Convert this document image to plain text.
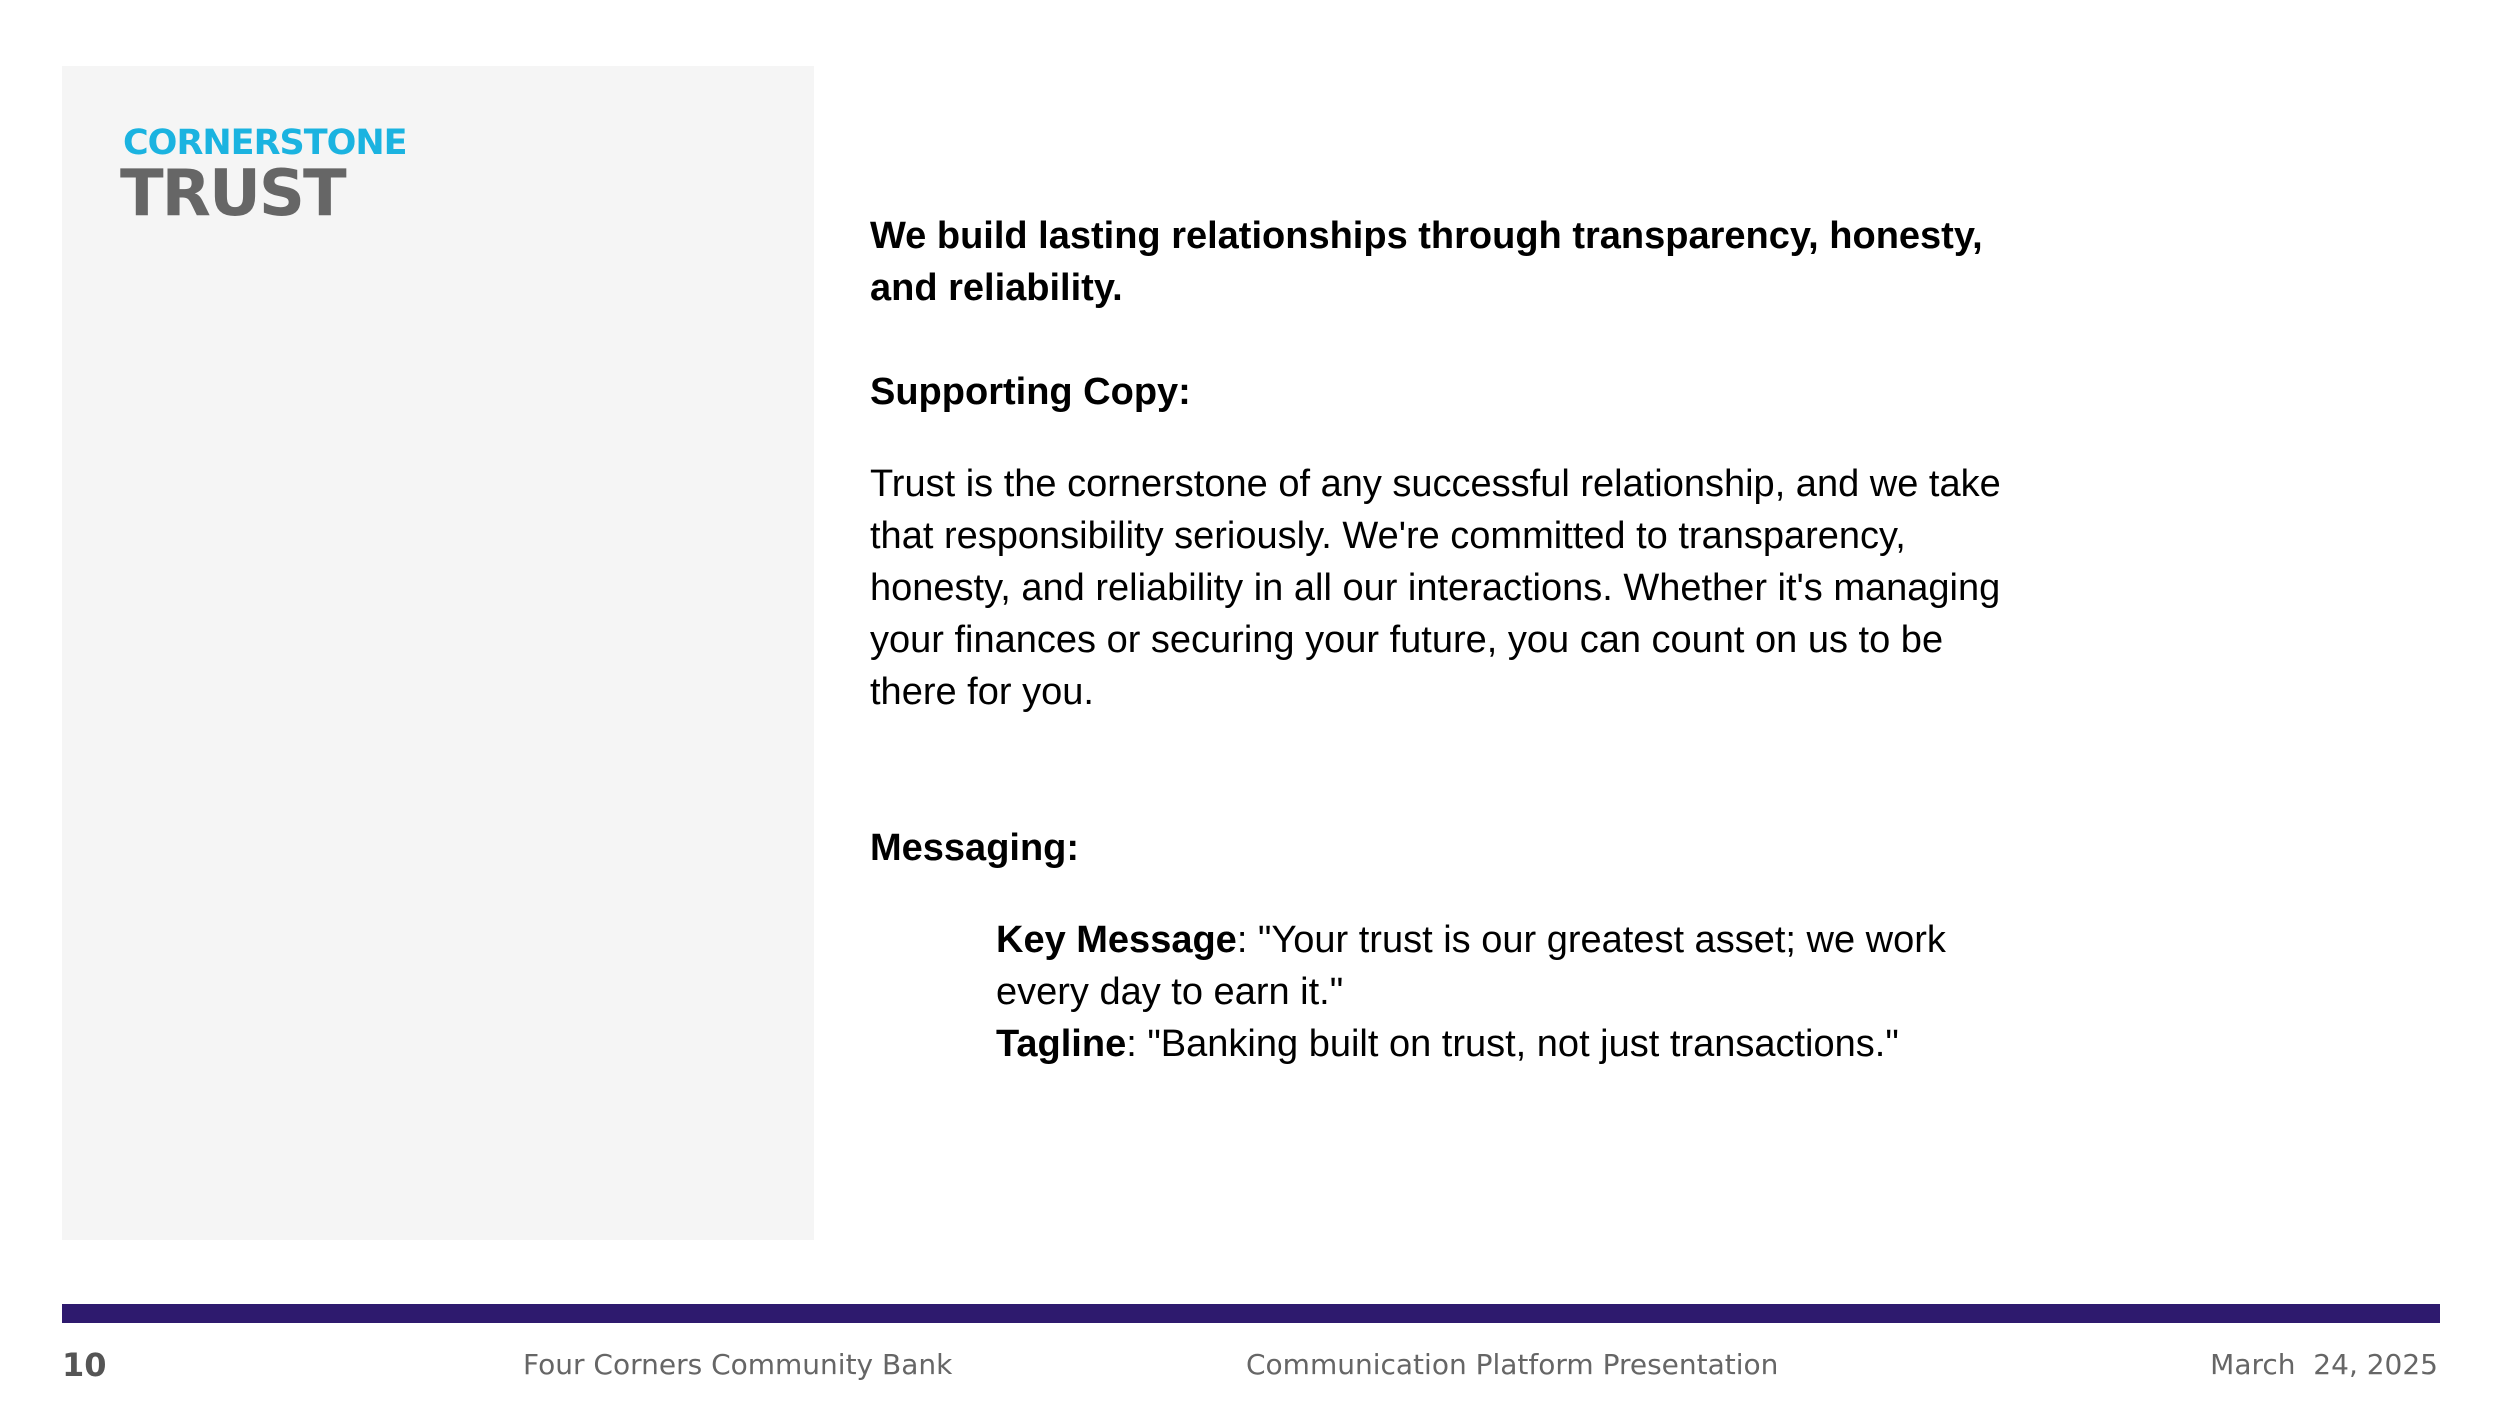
CORNERSTONE
TRUST

We build lasting relationships through transparency, honesty, and reliability.

Supporting Copy:

Trust is the cornerstone of any successful relationship, and we take that responsibility seriously. We're committed to transparency, honesty, and reliability in all our interactions. Whether it's managing your finances or securing your future, you can count on us to be there for you.

Messaging:

Key Message: "Your trust is our greatest asset; we work every day to earn it."

Tagline: "Banking built on trust, not just transactions."

10	Four Corners Community Bank	Communication Platform Presentation	March  24, 2025
